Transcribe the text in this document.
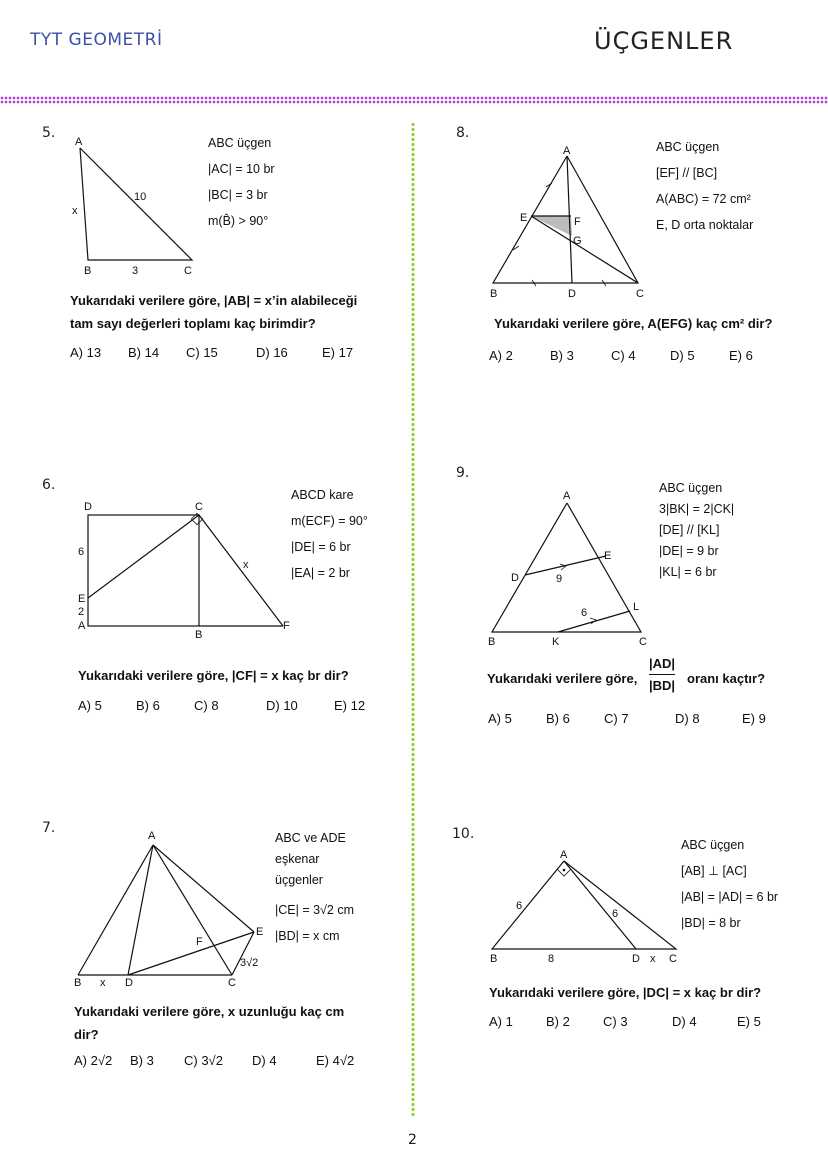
TYT GEOMETRİ	ÜÇGENLER
5.
A
B	C
x
10
3
ABC üçgen
|AC| = 10 br
|BC| = 3 br
m(B̂) > 90°
Yukarıdaki verilere göre, |AB| = x’in alabileceği
tam sayı değerleri toplamı kaç birimdir?
A) 13 B) 14 C) 15	D) 16	E) 17
6.
D	C
E
A
B
F
x
6
2
ABCD kare
m(ECF) = 90°
|DE| = 6 br
|EA| = 2 br
Yukarıdaki verilere göre, |CF| = x kaç br dir?
A) 5	B) 6	C) 8	D) 10	E) 12
7.	A
B x D	C
E
F
3√2
ABC ve ADE
eşkenar
üçgenler
|CE| = 3√2 cm
|BD| = x cm
Yukarıdaki verilere göre, x uzunluğu kaç cm
dir?
A) 2√2 B) 3 C) 3√2 D) 4	E) 4√2
8.
A
B	D	C
E	F
G
ABC üçgen
[EF] // [BC]
A(ABC) = 72 cm²
E, D orta noktalar
Yukarıdaki verilere göre, A(EFG) kaç cm² dir?
A) 2	B) 3	C) 4	D) 5	E) 6
9.
A
B	K	C
D
E
L
9
6
ABC üçgen
3|BK| = 2|CK|
[DE] // [KL]
|DE| = 9 br
|KL| = 6 br
Yukarıdaki verilere göre,
|AD|
|BD| oranı kaçtır?
A) 5	B) 6	C) 7	D) 8	E) 9
10.
A
B	D x C
6
6
8
ABC üçgen
[AB] ⊥ [AC]
|AB| = |AD| = 6 br
|BD| = 8 br
Yukarıdaki verilere göre, |DC| = x kaç br dir?
A) 1	B) 2	C) 3	D) 4	E) 5
2
